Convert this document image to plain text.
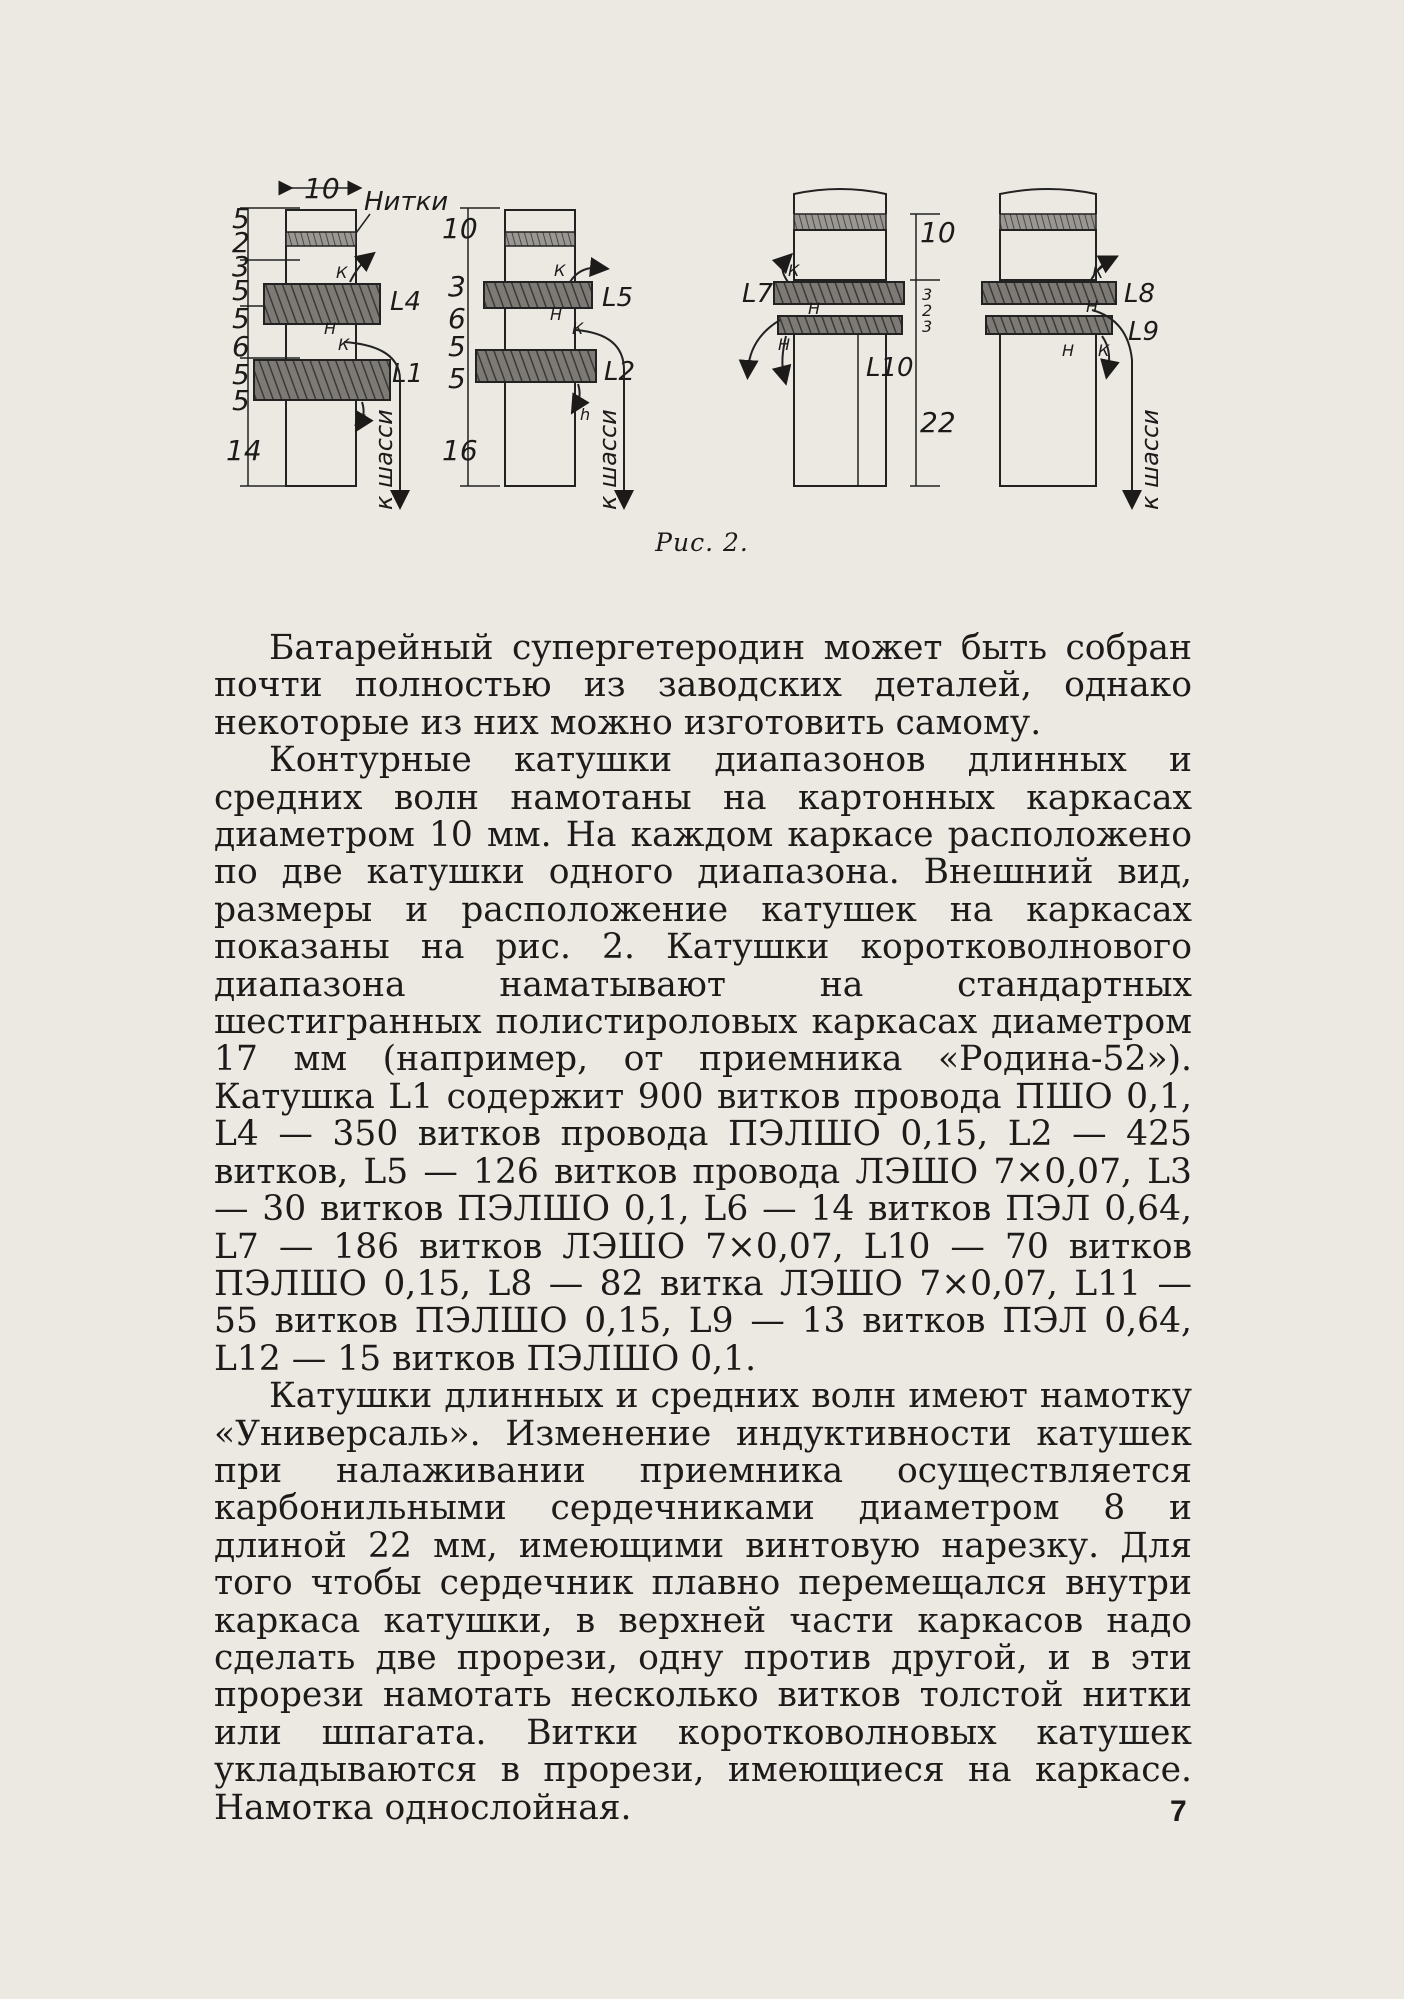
5
2
3
5
5
6
5
5
14
10 Нитки
L4
L1
К
Н
К
Н к шасси
10
3
6
5
5
16
L5
L2
К
Н
К
h к шасси
L7
L10
К
Н
Н
10
3
2
3
22
L8
L9
К
Н
Н К
к шасси
Рис. 2.

Батарейный супергетеродин может быть собран почти полностью из заводских деталей, однако некоторые из них можно изготовить самому.

Контурные катушки диапазонов длинных и средних волн намотаны на картонных каркасах диаметром 10 мм. На каждом каркасе расположено по две катушки одного диапазона. Внешний вид, размеры и расположение катушек на каркасах показаны на рис. 2. Катушки коротковолнового диапазона наматывают на стандартных шестигранных полистироловых каркасах диаметром 17 мм (например, от приемника «Родина-52»). Катушка L1 содержит 900 витков провода ПШО 0,1, L4 — 350 витков провода ПЭЛШО 0,15, L2 — 425 витков, L5 — 126 витков провода ЛЭШО 7×0,07, L3 — 30 витков ПЭЛШО 0,1, L6 — 14 витков ПЭЛ 0,64, L7 — 186 витков ЛЭШО 7×0,07, L10 — 70 витков ПЭЛШО 0,15, L8 — 82 витка ЛЭШО 7×0,07, L11 — 55 витков ПЭЛШО 0,15, L9 — 13 витков ПЭЛ 0,64, L12 — 15 витков ПЭЛШО 0,1.

Катушки длинных и средних волн имеют намотку «Универсаль». Изменение индуктивности катушек при налаживании приемника осуществляется карбонильными сердечниками диаметром 8 и длиной 22 мм, имеющими винтовую нарезку. Для того чтобы сердечник плавно перемещался внутри каркаса катушки, в верхней части каркасов надо сделать две прорези, одну против другой, и в эти прорези намотать несколько витков толстой нитки или шпагата. Витки коротковолновых катушек укладываются в прорези, имеющиеся на каркасе. Намотка однослойная.	7
